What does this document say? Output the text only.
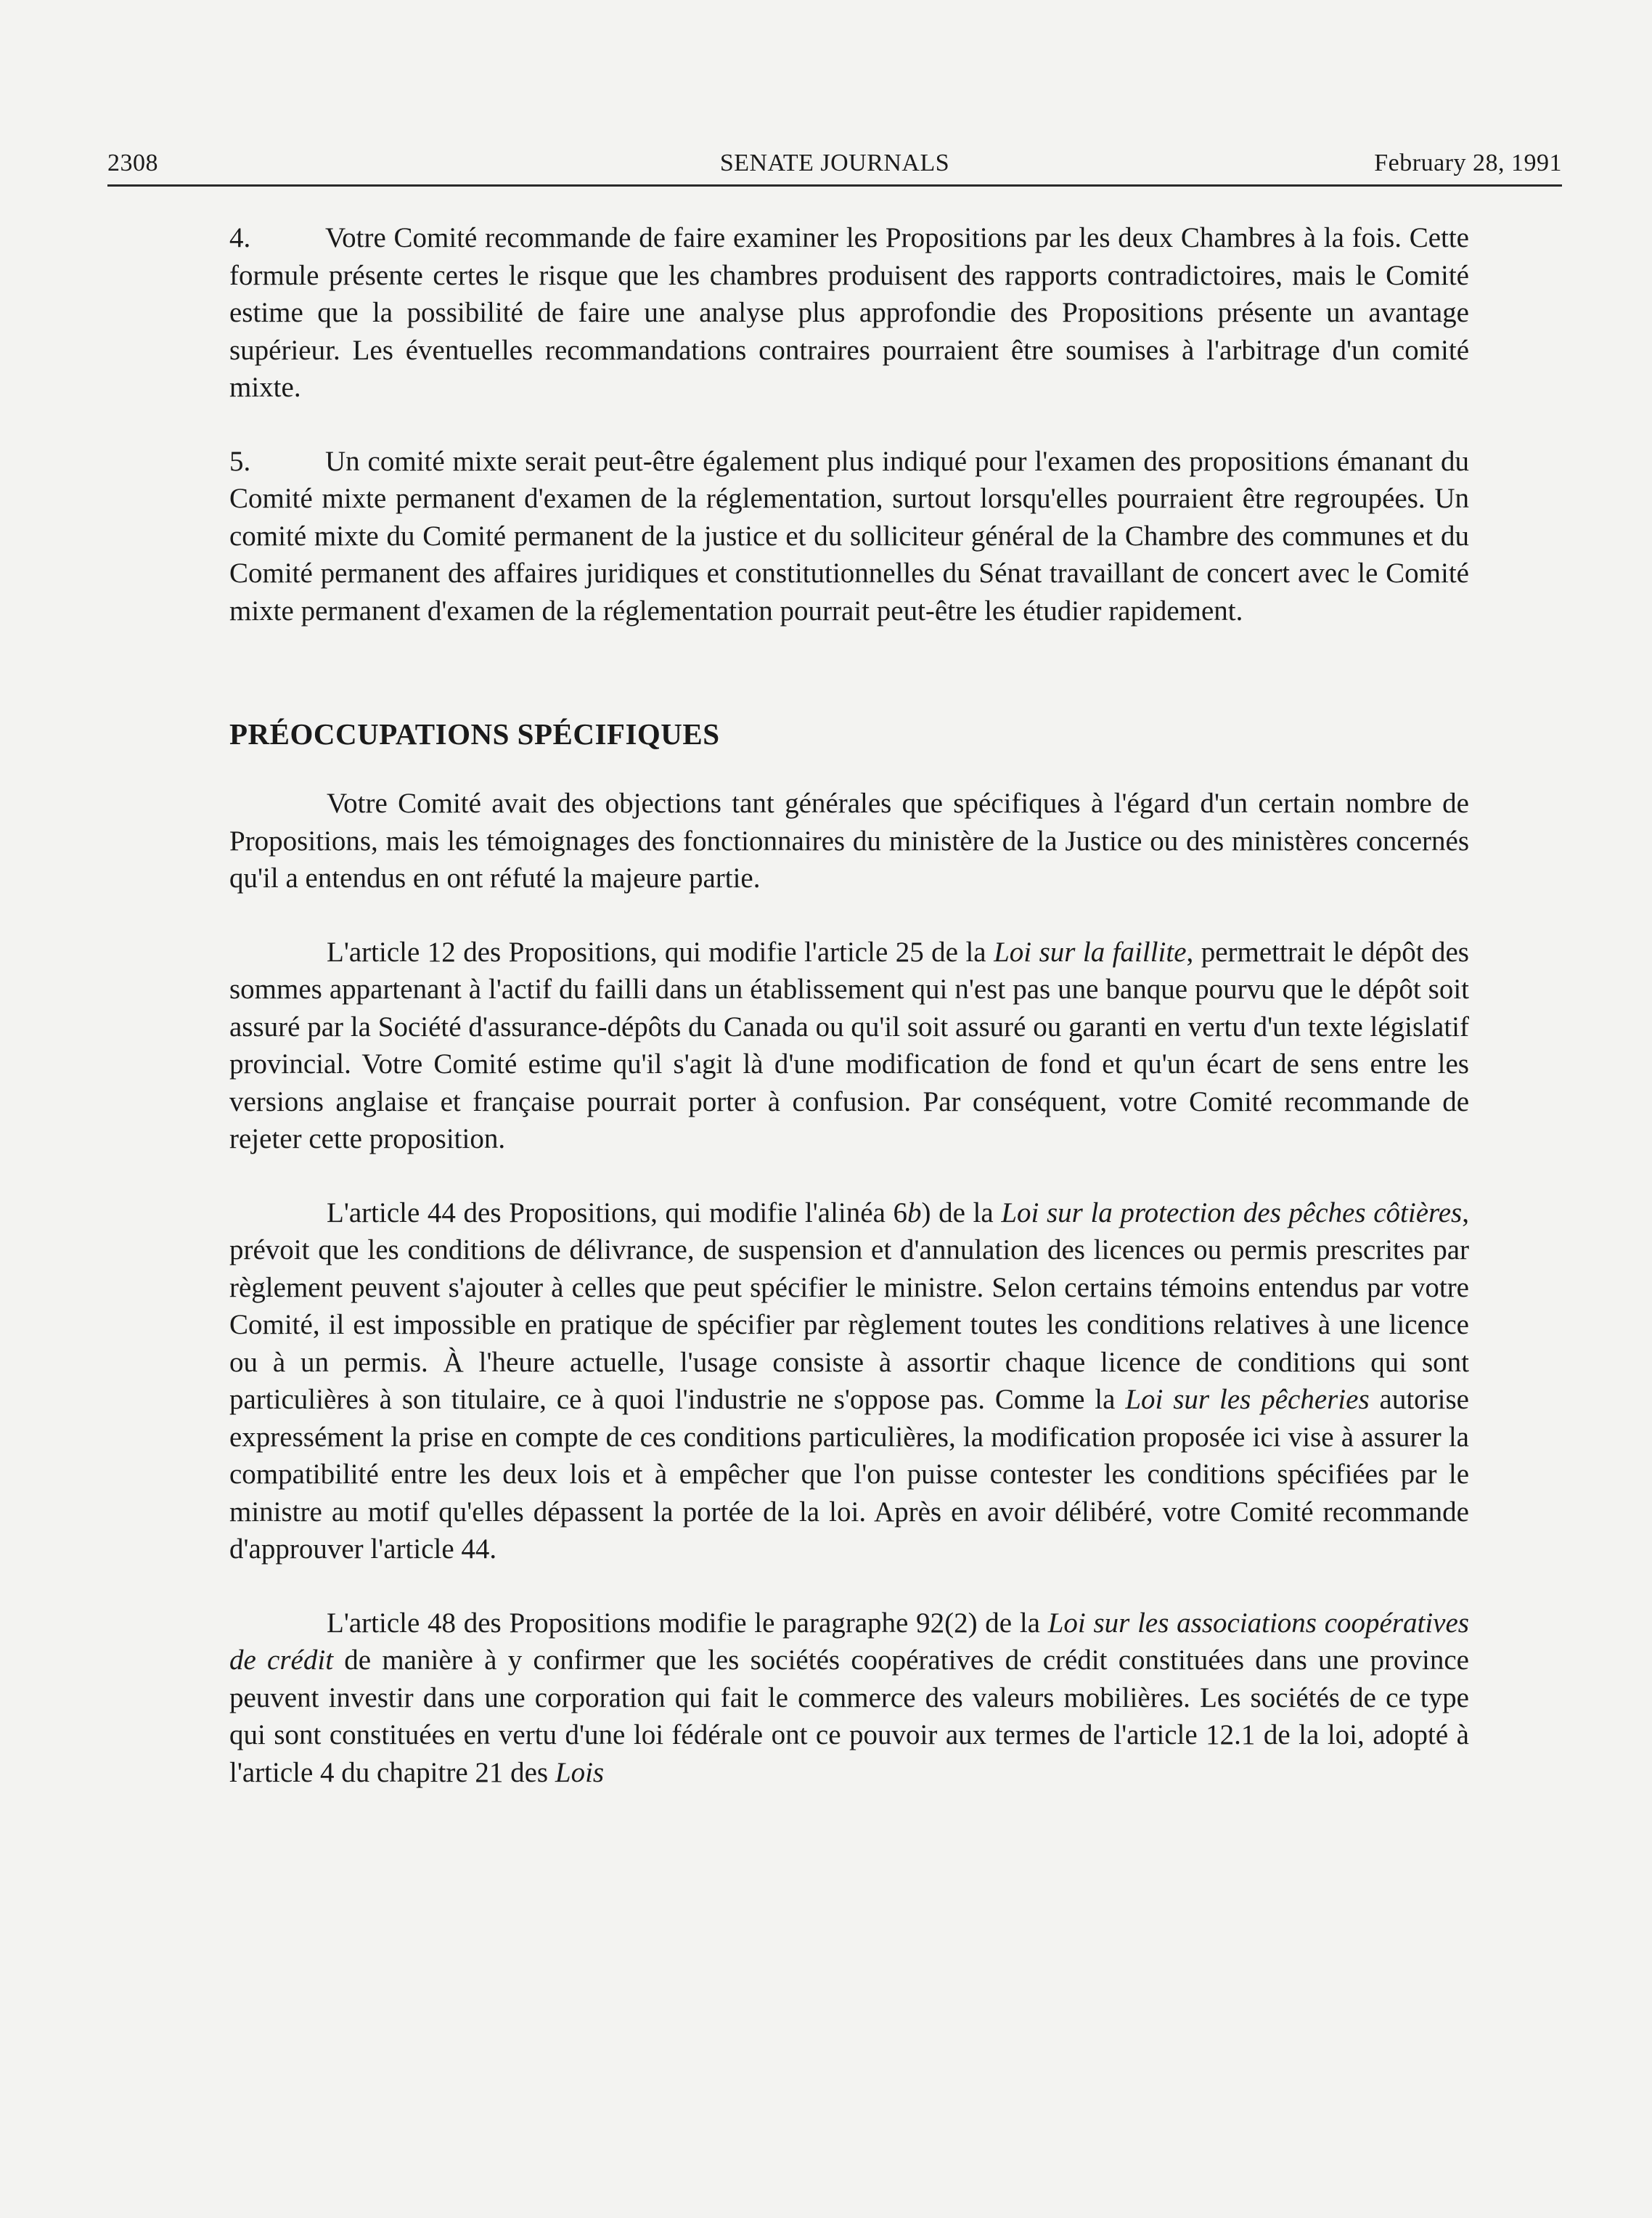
2308	SENATE JOURNALS	February 28, 1991

4.	Votre Comité recommande de faire examiner les Propositions par les deux Chambres à la fois. Cette formule présente certes le risque que les chambres produisent des rapports contradictoires, mais le Comité estime que la possibilité de faire une analyse plus approfondie des Propositions présente un avantage supérieur. Les éventuelles recommandations contraires pourraient être soumises à l'arbitrage d'un comité mixte.

5.	Un comité mixte serait peut-être également plus indiqué pour l'examen des propositions émanant du Comité mixte permanent d'examen de la réglementation, surtout lorsqu'elles pourraient être regroupées. Un comité mixte du Comité permanent de la justice et du solliciteur général de la Chambre des communes et du Comité permanent des affaires juridiques et constitutionnelles du Sénat travaillant de concert avec le Comité mixte permanent d'examen de la réglementation pourrait peut-être les étudier rapidement.

PRÉOCCUPATIONS SPÉCIFIQUES

Votre Comité avait des objections tant générales que spécifiques à l'égard d'un certain nombre de Propositions, mais les témoignages des fonctionnaires du ministère de la Justice ou des ministères concernés qu'il a entendus en ont réfuté la majeure partie.

L'article 12 des Propositions, qui modifie l'article 25 de la Loi sur la faillite, permettrait le dépôt des sommes appartenant à l'actif du failli dans un établissement qui n'est pas une banque pourvu que le dépôt soit assuré par la Société d'assurance-dépôts du Canada ou qu'il soit assuré ou garanti en vertu d'un texte législatif provincial. Votre Comité estime qu'il s'agit là d'une modification de fond et qu'un écart de sens entre les versions anglaise et française pourrait porter à confusion. Par conséquent, votre Comité recommande de rejeter cette proposition.

L'article 44 des Propositions, qui modifie l'alinéa 6b) de la Loi sur la protection des pêches côtières, prévoit que les conditions de délivrance, de suspension et d'annulation des licences ou permis prescrites par règlement peuvent s'ajouter à celles que peut spécifier le ministre. Selon certains témoins entendus par votre Comité, il est impossible en pratique de spécifier par règlement toutes les conditions relatives à une licence ou à un permis. À l'heure actuelle, l'usage consiste à assortir chaque licence de conditions qui sont particulières à son titulaire, ce à quoi l'industrie ne s'oppose pas. Comme la Loi sur les pêcheries autorise expressément la prise en compte de ces conditions particulières, la modification proposée ici vise à assurer la compatibilité entre les deux lois et à empêcher que l'on puisse contester les conditions spécifiées par le ministre au motif qu'elles dépassent la portée de la loi. Après en avoir délibéré, votre Comité recommande d'approuver l'article 44.

L'article 48 des Propositions modifie le paragraphe 92(2) de la Loi sur les associations coopératives de crédit de manière à y confirmer que les sociétés coopératives de crédit constituées dans une province peuvent investir dans une corporation qui fait le commerce des valeurs mobilières. Les sociétés de ce type qui sont constituées en vertu d'une loi fédérale ont ce pouvoir aux termes de l'article 12.1 de la loi, adopté à l'article 4 du chapitre 21 des Lois
